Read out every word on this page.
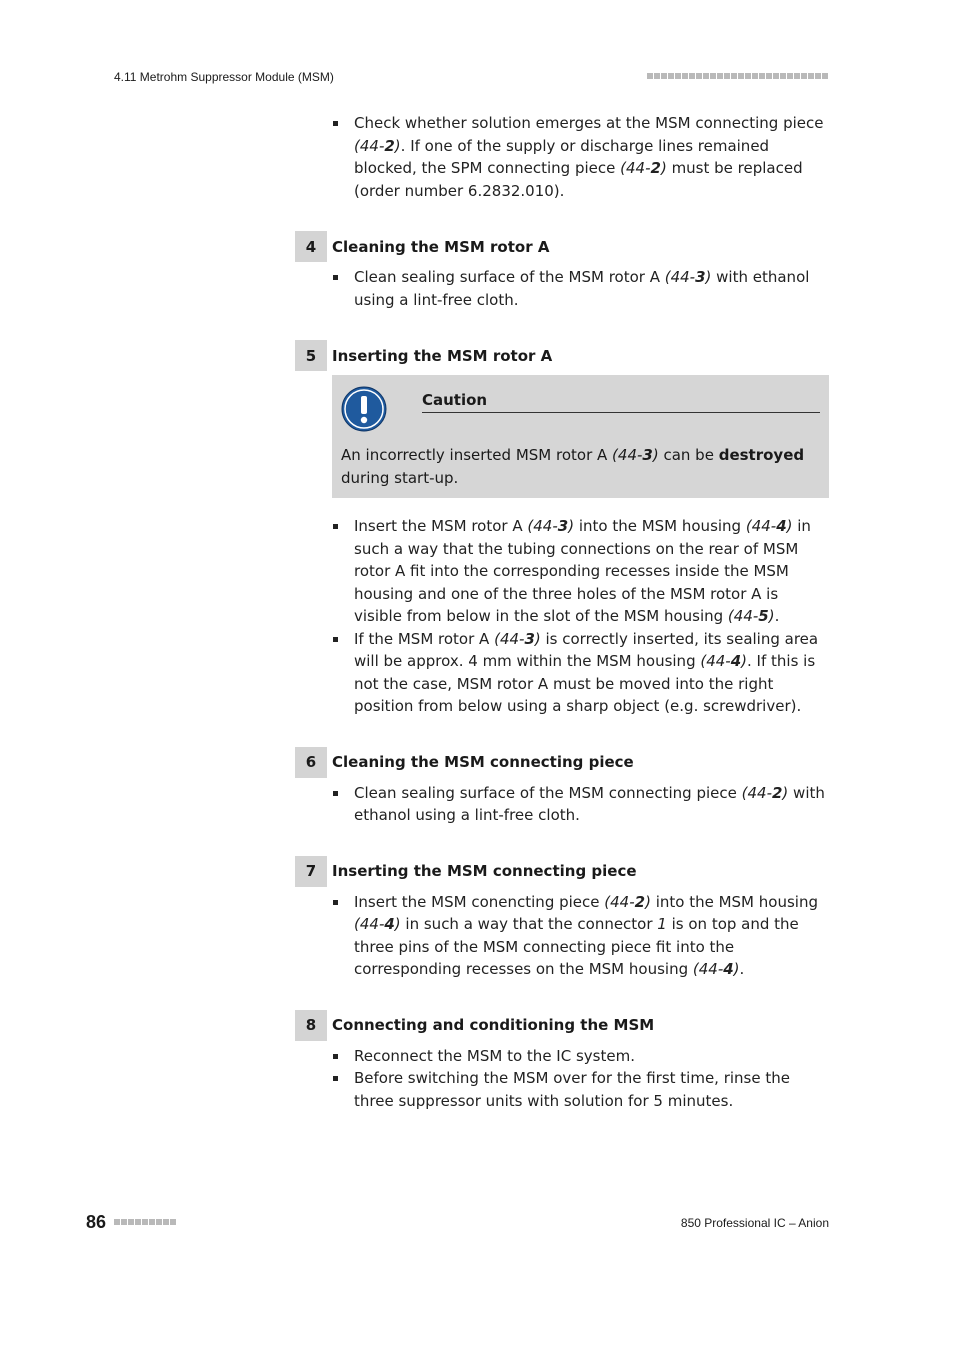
4.11 Metrohm Suppressor Module (MSM)
Check whether solution emerges at the MSM connecting piece (44-2). If one of the supply or discharge lines remained blocked, the SPM connecting piece (44-2) must be replaced (order number 6.2832.010).
4	Cleaning the MSM rotor A
Clean sealing surface of the MSM rotor A (44-3) with ethanol using a lint-free cloth.
5	Inserting the MSM rotor A
Caution
An incorrectly inserted MSM rotor A (44-3) can be destroyed during start-up.
Insert the MSM rotor A (44-3) into the MSM housing (44-4) in such a way that the tubing connections on the rear of MSM rotor A fit into the corresponding recesses inside the MSM housing and one of the three holes of the MSM rotor A is visible from below in the slot of the MSM housing (44-5).
If the MSM rotor A (44-3) is correctly inserted, its sealing area will be approx. 4 mm within the MSM housing (44-4). If this is not the case, MSM rotor A must be moved into the right position from below using a sharp object (e.g. screwdriver).
6	Cleaning the MSM connecting piece
Clean sealing surface of the MSM connecting piece (44-2) with ethanol using a lint-free cloth.
7	Inserting the MSM connecting piece
Insert the MSM conencting piece (44-2) into the MSM housing (44-4) in such a way that the connector 1 is on top and the three pins of the MSM connecting piece fit into the corresponding recesses on the MSM housing (44-4).
8	Connecting and conditioning the MSM
Reconnect the MSM to the IC system.
Before switching the MSM over for the first time, rinse the three suppressor units with solution for 5 minutes.
86	850 Professional IC – Anion
